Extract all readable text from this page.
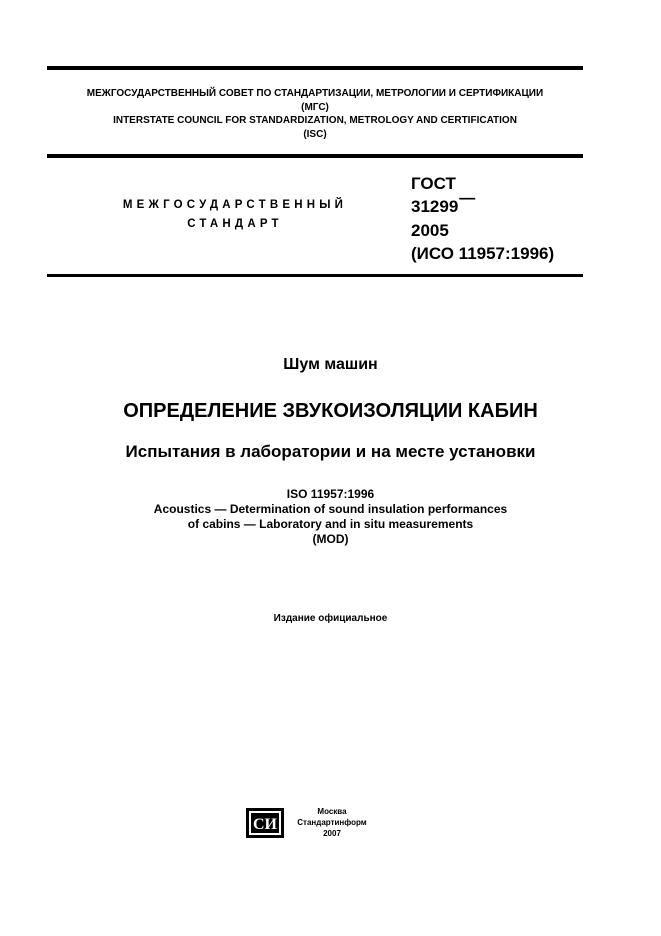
МЕЖГОСУДАРСТВЕННЫЙ СОВЕТ ПО СТАНДАРТИЗАЦИИ, МЕТРОЛОГИИ И СЕРТИФИКАЦИИ
(МГС)
INTERSTATE COUNCIL FOR STANDARDIZATION, METROLOGY AND CERTIFICATION
(ISC)
МЕЖГОСУДАРСТВЕННЫЙ
СТАНДАРТ
ГОСТ
31299—
2005
(ИСО 11957:1996)
Шум машин
ОПРЕДЕЛЕНИЕ ЗВУКОИЗОЛЯЦИИ КАБИН
Испытания в лаборатории и на месте установки
ISO 11957:1996
Acoustics — Determination of sound insulation performances
of cabins — Laboratory and in situ measurements
(MOD)
Издание официальное
СИ
Москва
Стандартинформ
2007
